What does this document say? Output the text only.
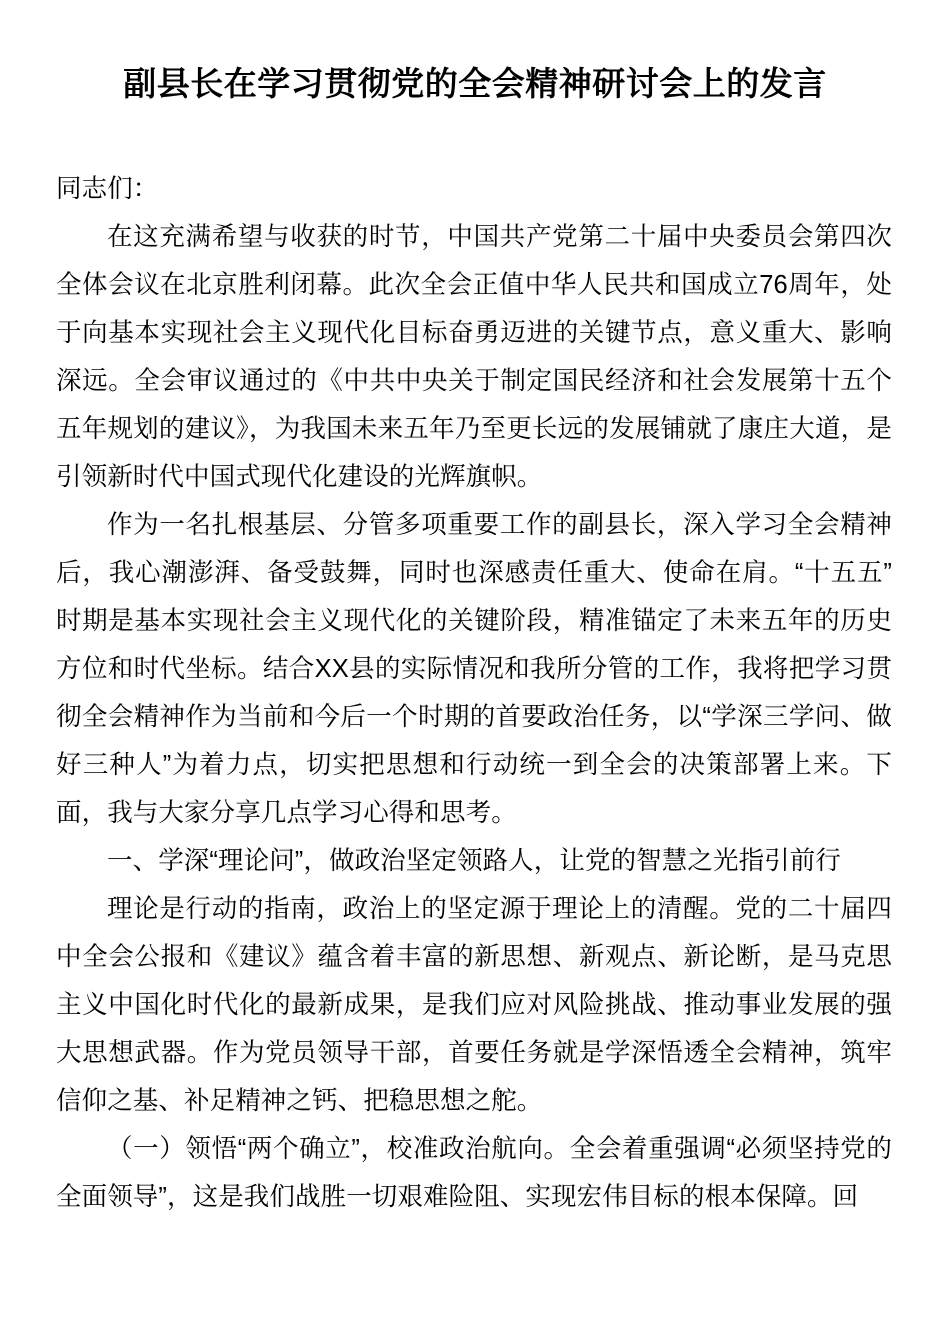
副县长在学习贯彻党的全会精神研讨会上的发言

同志们：

在这充满希望与收获的时节，中国共产党第二十届中央委员会第四次全体会议在北京胜利闭幕。此次全会正值中华人民共和国成立76周年，处于向基本实现社会主义现代化目标奋勇迈进的关键节点，意义重大、影响深远。全会审议通过的《中共中央关于制定国民经济和社会发展第十五个五年规划的建议》，为我国未来五年乃至更长远的发展铺就了康庄大道，是引领新时代中国式现代化建设的光辉旗帜。

作为一名扎根基层、分管多项重要工作的副县长，深入学习全会精神后，我心潮澎湃、备受鼓舞，同时也深感责任重大、使命在肩。“十五五”时期是基本实现社会主义现代化的关键阶段，精准锚定了未来五年的历史方位和时代坐标。结合XX县的实际情况和我所分管的工作，我将把学习贯彻全会精神作为当前和今后一个时期的首要政治任务，以“学深三学问、做好三种人”为着力点，切实把思想和行动统一到全会的决策部署上来。下面，我与大家分享几点学习心得和思考。

一、学深“理论问”，做政治坚定领路人，让党的智慧之光指引前行

理论是行动的指南，政治上的坚定源于理论上的清醒。党的二十届四中全会公报和《建议》蕴含着丰富的新思想、新观点、新论断，是马克思主义中国化时代化的最新成果，是我们应对风险挑战、推动事业发展的强大思想武器。作为党员领导干部，首要任务就是学深悟透全会精神，筑牢信仰之基、补足精神之钙、把稳思想之舵。

（一）领悟“两个确立”，校准政治航向。全会着重强调“必须坚持党的全面领导”，这是我们战胜一切艰难险阻、实现宏伟目标的根本保障。回
